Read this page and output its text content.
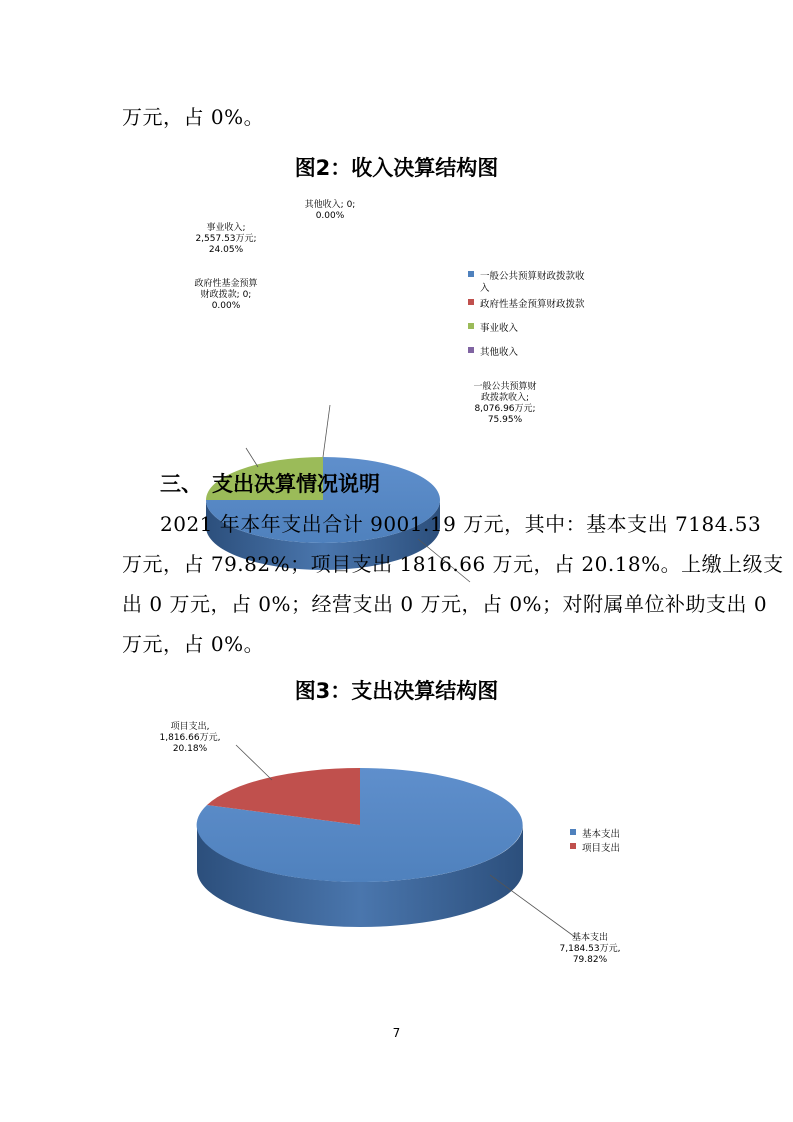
万元，占 0%。
图2：收入决算结构图
其他收入; 0;
0.00%
事业收入;
2,557.53万元;
24.05%
政府性基金预算
财政拨款; 0;
0.00%
一般公共预算财
政拨款收入;
8,076.96万元;
75.95%
一般公共预算财政拨款收
入
政府性基金预算财政拨款
事业收入
其他收入
三、 支出决算情况说明
2021 年本年支出合计 9001.19 万元，其中：基本支出 7184.53
万元，占 79.82%；项目支出 1816.66 万元，占 20.18%。上缴上级支
出 0 万元，占 0%；经营支出 0 万元，占 0%；对附属单位补助支出 0
万元，占 0%。
图3：支出决算结构图
项目支出,
1,816.66万元,
20.18%
基本支出
7,184.53万元,
79.82%
基本支出
项目支出
7
